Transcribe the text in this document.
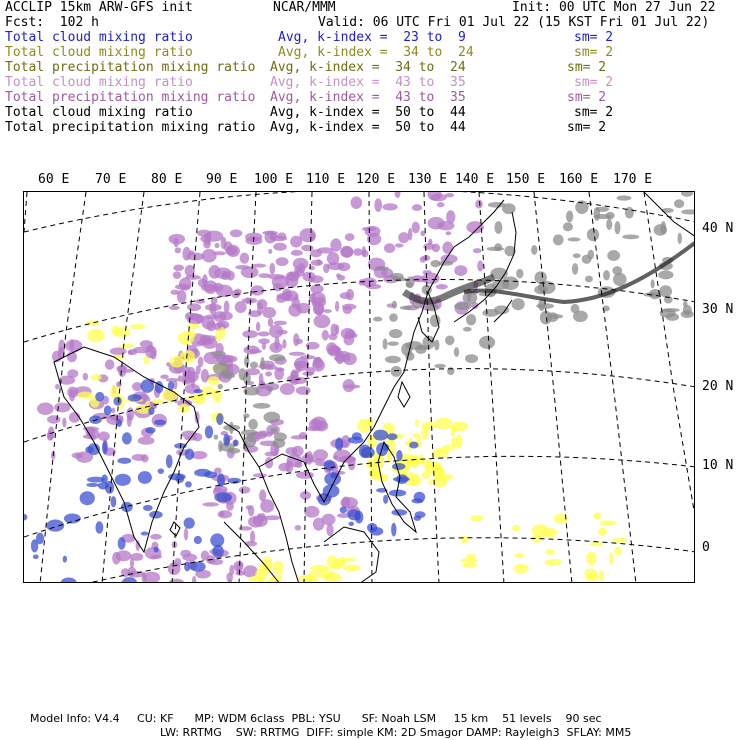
ACCLIP 15km ARW-GFS init	NCAR/MMM	Init: 00 UTC Mon 27 Jun 22
Fcst:  102 h	Valid: 06 UTC Fri 01 Jul 22 (15 KST Fri 01 Jul 22)
Total cloud mixing ratio	Avg, k-index =  23 to  9	sm= 2
Total cloud mixing ratio	Avg, k-index =  34 to  24	sm= 2
Total precipitation mixing ratio Avg, k-index =  34 to  24	sm= 2
Total cloud mixing ratio	Avg, k-index =  43 to  35	sm= 2
Total precipitation mixing ratio Avg, k-index =  43 to  35	sm= 2
Total cloud mixing ratio	Avg, k-index =  50 to  44	sm= 2
Total precipitation mixing ratio Avg, k-index =  50 to  44	sm= 2
60 E 70 E 80 E 90 E 100 E 110 E 120 E 130 E 140 E 150 E 160 E 170 E
40 N
30 N
20 N
10 N
0
Model Info: V4.4     CU: KF      MP: WDM 6class  PBL: YSU      SF: Noah LSM     15 km    51 levels    90 sec
LW: RRTMG    SW: RRTMG  DIFF: simple KM: 2D Smagor DAMP: Rayleigh3  SFLAY: MM5
